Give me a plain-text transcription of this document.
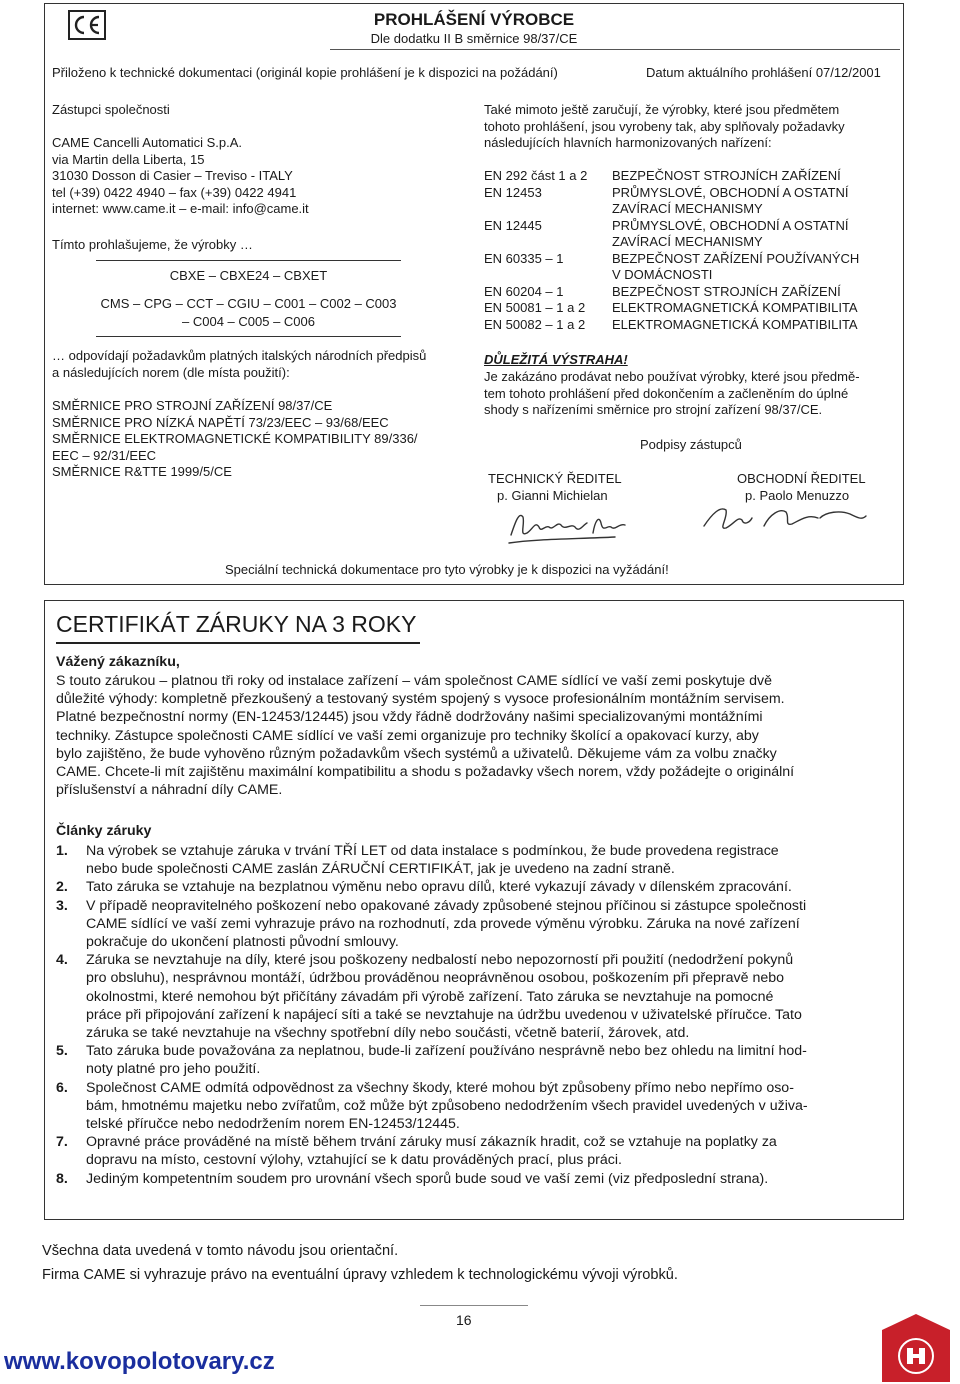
PROHLÁŠENÍ VÝROBCE
Dle dodatku II B směrnice 98/37/CE
Přiloženo k technické dokumentaci (originál kopie prohlášení je k dispozici na požádání)	Datum aktuálního prohlášení 07/12/2001
Zástupci společnosti
CAME Cancelli Automatici S.p.A.
via Martin della Liberta, 15
31030 Dosson di Casier – Treviso - ITALY
tel (+39) 0422 4940 – fax (+39) 0422 4941
internet: www.came.it – e-mail: info@came.it
Tímto prohlašujeme, že výrobky …
CBXE – CBXE24 – CBXET
CMS – CPG – CCT – CGIU – C001 – C002 – C003
– C004 – C005 – C006
… odpovídají požadavkům platných italských národních předpisů
a následujících norem (dle místa použití):
SMĚRNICE PRO STROJNÍ ZAŘÍZENÍ 98/37/CE
SMĚRNICE PRO NÍZKÁ NAPĚTÍ 73/23/EEC – 93/68/EEC
SMĚRNICE ELEKTROMAGNETICKÉ KOMPATIBILITY 89/336/
EEC – 92/31/EEC
SMĚRNICE R&TTE 1999/5/CE
Také mimoto ještě zaručují, že výrobky, které jsou předmětem
tohoto prohlášení, jsou vyrobeny tak, aby splňovaly požadavky
následujících hlavních harmonizovaných nařízení:
EN 292 část 1 a 2	BEZPEČNOST STROJNÍCH ZAŘÍZENÍ
EN 12453	PRŮMYSLOVÉ, OBCHODNÍ A OSTATNÍ
ZAVÍRACÍ MECHANISMY
EN 12445	PRŮMYSLOVÉ, OBCHODNÍ A OSTATNÍ
ZAVÍRACÍ MECHANISMY
EN 60335 – 1	BEZPEČNOST ZAŘÍZENÍ POUŽÍVANÝCH
V DOMÁCNOSTI
EN 60204 – 1	BEZPEČNOST STROJNÍCH ZAŘÍZENÍ
EN 50081 – 1 a 2	ELEKTROMAGNETICKÁ KOMPATIBILITA
EN 50082 – 1 a 2	ELEKTROMAGNETICKÁ KOMPATIBILITA
DŮLEŽITÁ VÝSTRAHA!
Je zakázáno prodávat nebo používat výrobky, které jsou předmě-
tem tohoto prohlášení před dokončením a začleněním do úplné
shody s nařízeními směrnice pro strojní zařízení 98/37/CE.
Podpisy zástupců
TECHNICKÝ ŘEDITEL
p. Gianni Michielan
OBCHODNÍ ŘEDITEL
p. Paolo Menuzzo
Speciální technická dokumentace pro tyto výrobky je k dispozici na vyžádání!
CERTIFIKÁT ZÁRUKY NA 3 ROKY
Vážený zákazníku,
S touto zárukou – platnou tři roky od instalace zařízení – vám společnost CAME sídlící ve vaší zemi poskytuje dvě
důležité výhody: kompletně přezkoušený a testovaný systém spojený s vysoce profesionálním montážním servisem.
Platné bezpečnostní normy (EN-12453/12445) jsou vždy řádně dodržovány našimi specializovanými montážními
techniky. Zástupce společnosti CAME sídlící ve vaší zemi organizuje pro techniky školící a opakovací kurzy, aby
bylo zajištěno, že bude vyhověno různým požadavkům všech systémů a uživatelů. Děkujeme vám za volbu značky
CAME. Chcete-li mít zajištěnu maximální kompatibilitu a shodu s požadavky všech norem, vždy požádejte o originální
příslušenství a náhradní díly CAME.
Články záruky
1.	Na výrobek se vztahuje záruka v trvání TŘÍ LET od data instalace s podmínkou, že bude provedena registrace
nebo bude společnosti CAME zaslán ZÁRUČNÍ CERTIFIKÁT, jak je uvedeno na zadní straně.
2.	Tato záruka se vztahuje na bezplatnou výměnu nebo opravu dílů, které vykazují závady v dílenském zpracování.
3.	V případě neopravitelného poškození nebo opakované závady způsobené stejnou příčinou si zástupce společnosti
CAME sídlící ve vaší zemi vyhrazuje právo na rozhodnutí, zda provede výměnu výrobku. Záruka na nové zařízení
pokračuje do ukončení platnosti původní smlouvy.
4.	Záruka se nevztahuje na díly, které jsou poškozeny nedbalostí nebo nepozorností při použití (nedodržení pokynů
pro obsluhu), nesprávnou montáží, údržbou prováděnou neoprávněnou osobou, poškozením při přepravě nebo
okolnostmi, které nemohou být přičítány závadám při výrobě zařízení. Tato záruka se nevztahuje na pomocné
práce při připojování zařízení k napájecí síti a také se nevztahuje na údržbu uvedenou v uživatelské příručce. Tato
záruka se také nevztahuje na všechny spotřební díly nebo součásti, včetně baterií, žárovek, atd.
5.	Tato záruka bude považována za neplatnou, bude-li zařízení používáno nesprávně nebo bez ohledu na limitní hod-
noty platné pro jeho použití.
6.	Společnost CAME odmítá odpovědnost za všechny škody, které mohou být způsobeny přímo nebo nepřímo oso-
bám, hmotnému majetku nebo zvířatům, což může být způsobeno nedodržením všech pravidel uvedených v uživa-
telské příručce nebo nedodržením norem EN-12453/12445.
7.	Opravné práce prováděné na místě během trvání záruky musí zákazník hradit, což se vztahuje na poplatky za
dopravu na místo, cestovní výlohy, vztahující se k datu prováděných prací, plus práci.
8.	Jediným kompetentním soudem pro urovnání všech sporů bude soud ve vaší zemi (viz předposlední strana).
Všechna data uvedená v tomto návodu jsou orientační.
Firma CAME si vyhrazuje právo na eventuální úpravy vzhledem k technologickému vývoji výrobků.
16
www.kovopolotovary.cz
